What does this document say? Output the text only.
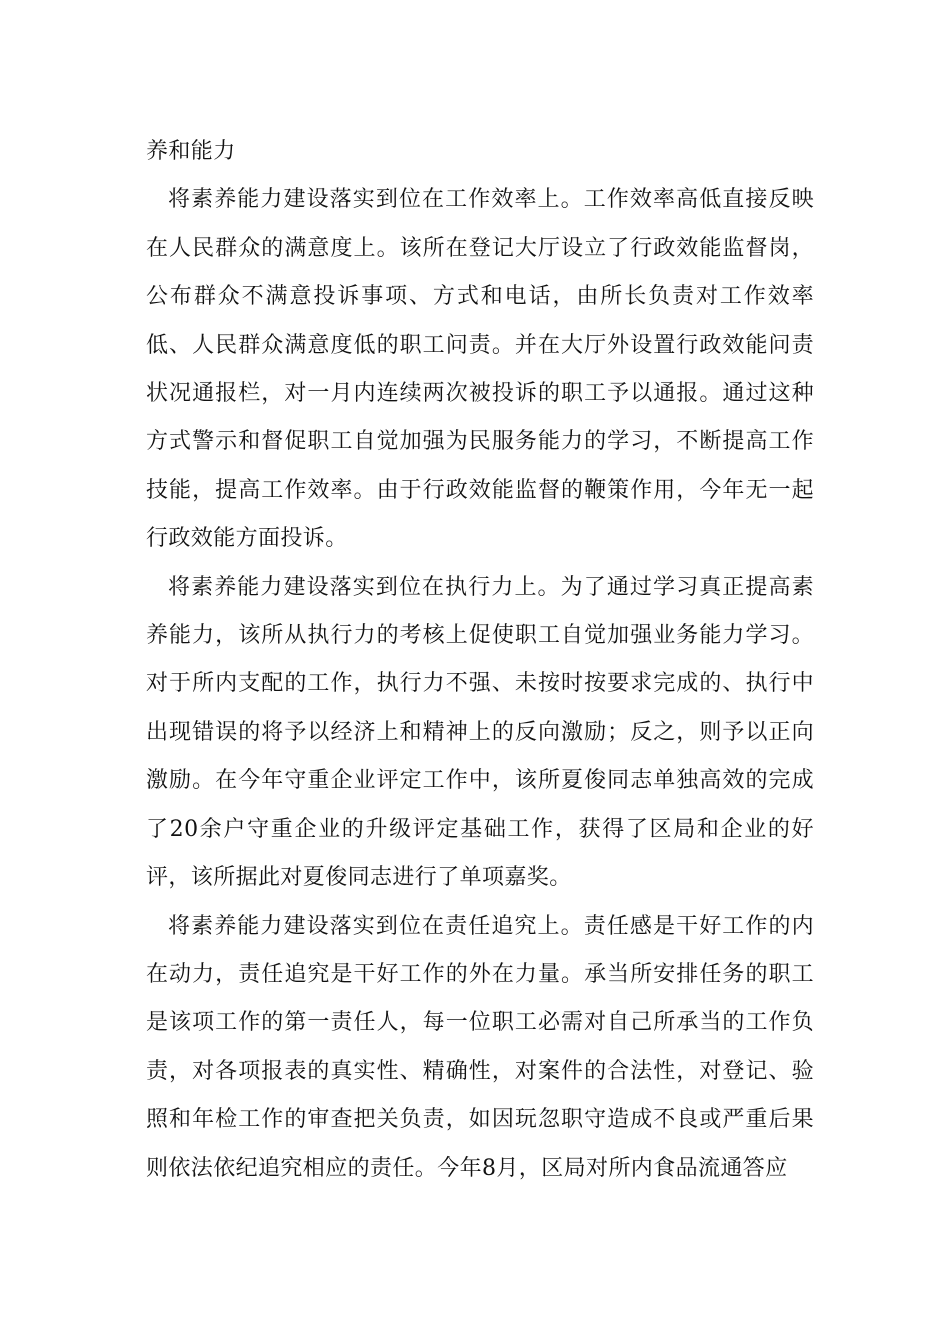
养和能力

将素养能力建设落实到位在工作效率上。工作效率高低直接反映在人民群众的满意度上。该所在登记大厅设立了行政效能监督岗，公布群众不满意投诉事项、方式和电话，由所长负责对工作效率低、人民群众满意度低的职工问责。并在大厅外设置行政效能问责状况通报栏，对一月内连续两次被投诉的职工予以通报。通过这种方式警示和督促职工自觉加强为民服务能力的学习，不断提高工作技能，提高工作效率。由于行政效能监督的鞭策作用，今年无一起行政效能方面投诉。

将素养能力建设落实到位在执行力上。为了通过学习真正提高素养能力，该所从执行力的考核上促使职工自觉加强业务能力学习。对于所内支配的工作，执行力不强、未按时按要求完成的、执行中出现错误的将予以经济上和精神上的反向激励；反之，则予以正向激励。在今年守重企业评定工作中，该所夏俊同志单独高效的完成了20余户守重企业的升级评定基础工作，获得了区局和企业的好评，该所据此对夏俊同志进行了单项嘉奖。

将素养能力建设落实到位在责任追究上。责任感是干好工作的内在动力，责任追究是干好工作的外在力量。承当所安排任务的职工是该项工作的第一责任人，每一位职工必需对自己所承当的工作负责，对各项报表的真实性、精确性，对案件的合法性，对登记、验照和年检工作的审查把关负责，如因玩忽职守造成不良或严重后果则依法依纪追究相应的责任。今年8月，区局对所内食品流通答应
